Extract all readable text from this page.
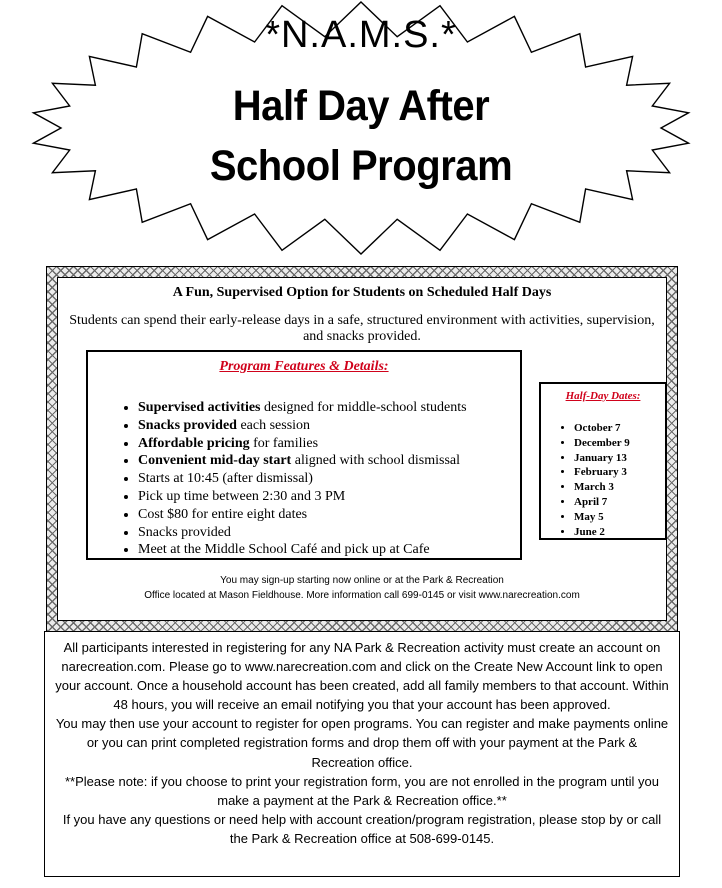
*N.A.M.S.*
Half Day After
School Program
A Fun, Supervised Option for Students on Scheduled Half Days
Students can spend their early-release days in a safe, structured environment with activities, supervision, and snacks provided.
Program Features & Details:
• Supervised activities designed for middle-school students
• Snacks provided each session
• Affordable pricing for families
• Convenient mid-day start aligned with school dismissal
• Starts at 10:45 (after dismissal)
• Pick up time between 2:30 and 3 PM
• Cost $80 for entire eight dates
• Snacks provided
• Meet at the Middle School Café and pick up at Cafe
Half-Day Dates:
• October 7
• December 9
• January 13
• February 3
• March 3
• April 7
• May 5
• June 2
You may sign-up starting now online or at the Park & Recreation
Office located at Mason Fieldhouse. More information call 699-0145 or visit www.narecreation.com

All participants interested in registering for any NA Park & Recreation activity must create an account on narecreation.com. Please go to www.narecreation.com and click on the Create New Account link to open your account. Once a household account has been created, add all family members to that account. Within 48 hours, you will receive an email notifying you that your account has been approved.

You may then use your account to register for open programs. You can register and make payments online or you can print completed registration forms and drop them off with your payment at the Park & Recreation office.

**Please note: if you choose to print your registration form, you are not enrolled in the program until you make a payment at the Park & Recreation office.**

If you have any questions or need help with account creation/program registration, please stop by or call the Park & Recreation office at 508-699-0145.
